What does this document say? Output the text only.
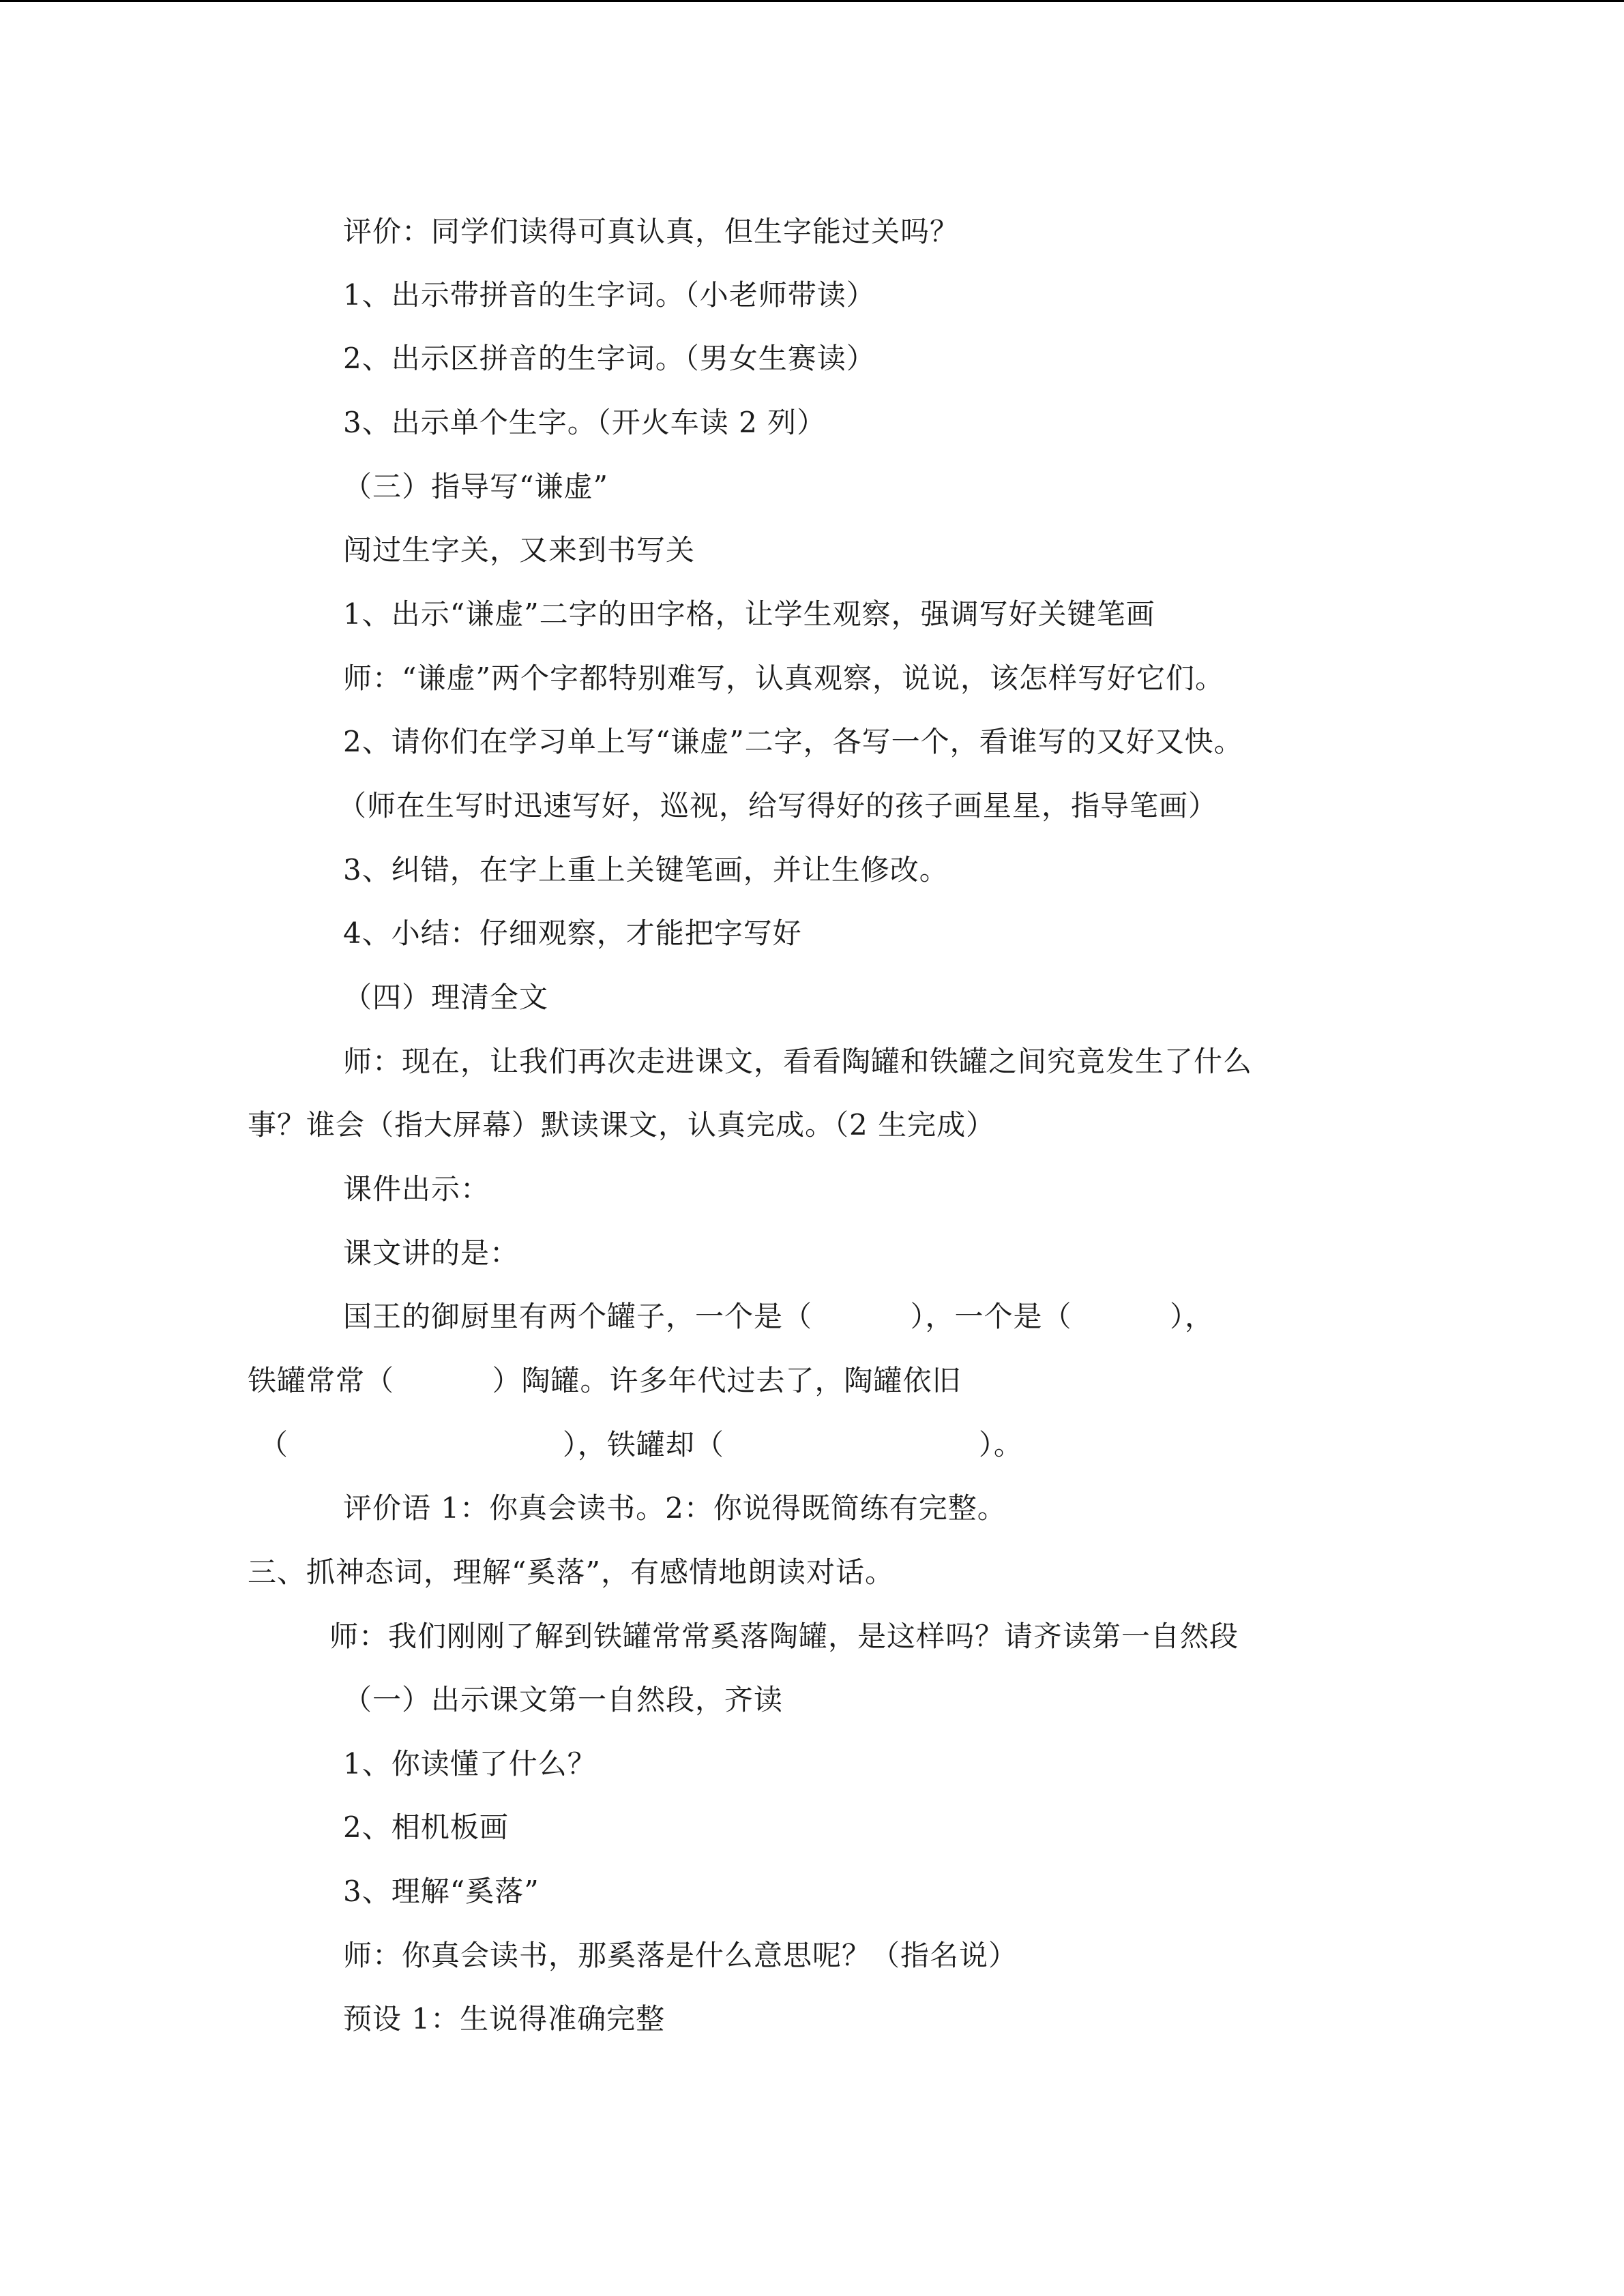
评价：同学们读得可真认真，但生字能过关吗？
1、出示带拼音的生字词。（小老师带读）
2、出示区拼音的生字词。（男女生赛读）
3、出示单个生字。（开火车读 2 列）
（三）指导写“谦虚”
闯过生字关，又来到书写关
1、出示“谦虚”二字的田字格，让学生观察，强调写好关键笔画
师：“谦虚”两个字都特别难写，认真观察，说说，该怎样写好它们。
2、请你们在学习单上写“谦虚”二字，各写一个，看谁写的又好又快。
（师在生写时迅速写好，巡视，给写得好的孩子画星星，指导笔画）
3、纠错，在字上重上关键笔画，并让生修改。
4、小结：仔细观察，才能把字写好
（四）理清全文
师：现在，让我们再次走进课文，看看陶罐和铁罐之间究竟发生了什么
事？谁会（指大屏幕）默读课文，认真完成。（2 生完成）
课件出示：
课文讲的是：
国王的御厨里有两个罐子，一个是（          ），一个是（          ），
铁罐常常（          ）陶罐。许多年代过去了，陶罐依旧
（                            ），铁罐却（                          ）。
评价语 1：你真会读书。2：你说得既简练有完整。
三、抓神态词，理解“奚落”，有感情地朗读对话。
师：我们刚刚了解到铁罐常常奚落陶罐，是这样吗？请齐读第一自然段
（一）出示课文第一自然段，齐读
1、你读懂了什么？
2、相机板画
3、理解“奚落”
师：你真会读书，那奚落是什么意思呢？（指名说）
预设 1：生说得准确完整
